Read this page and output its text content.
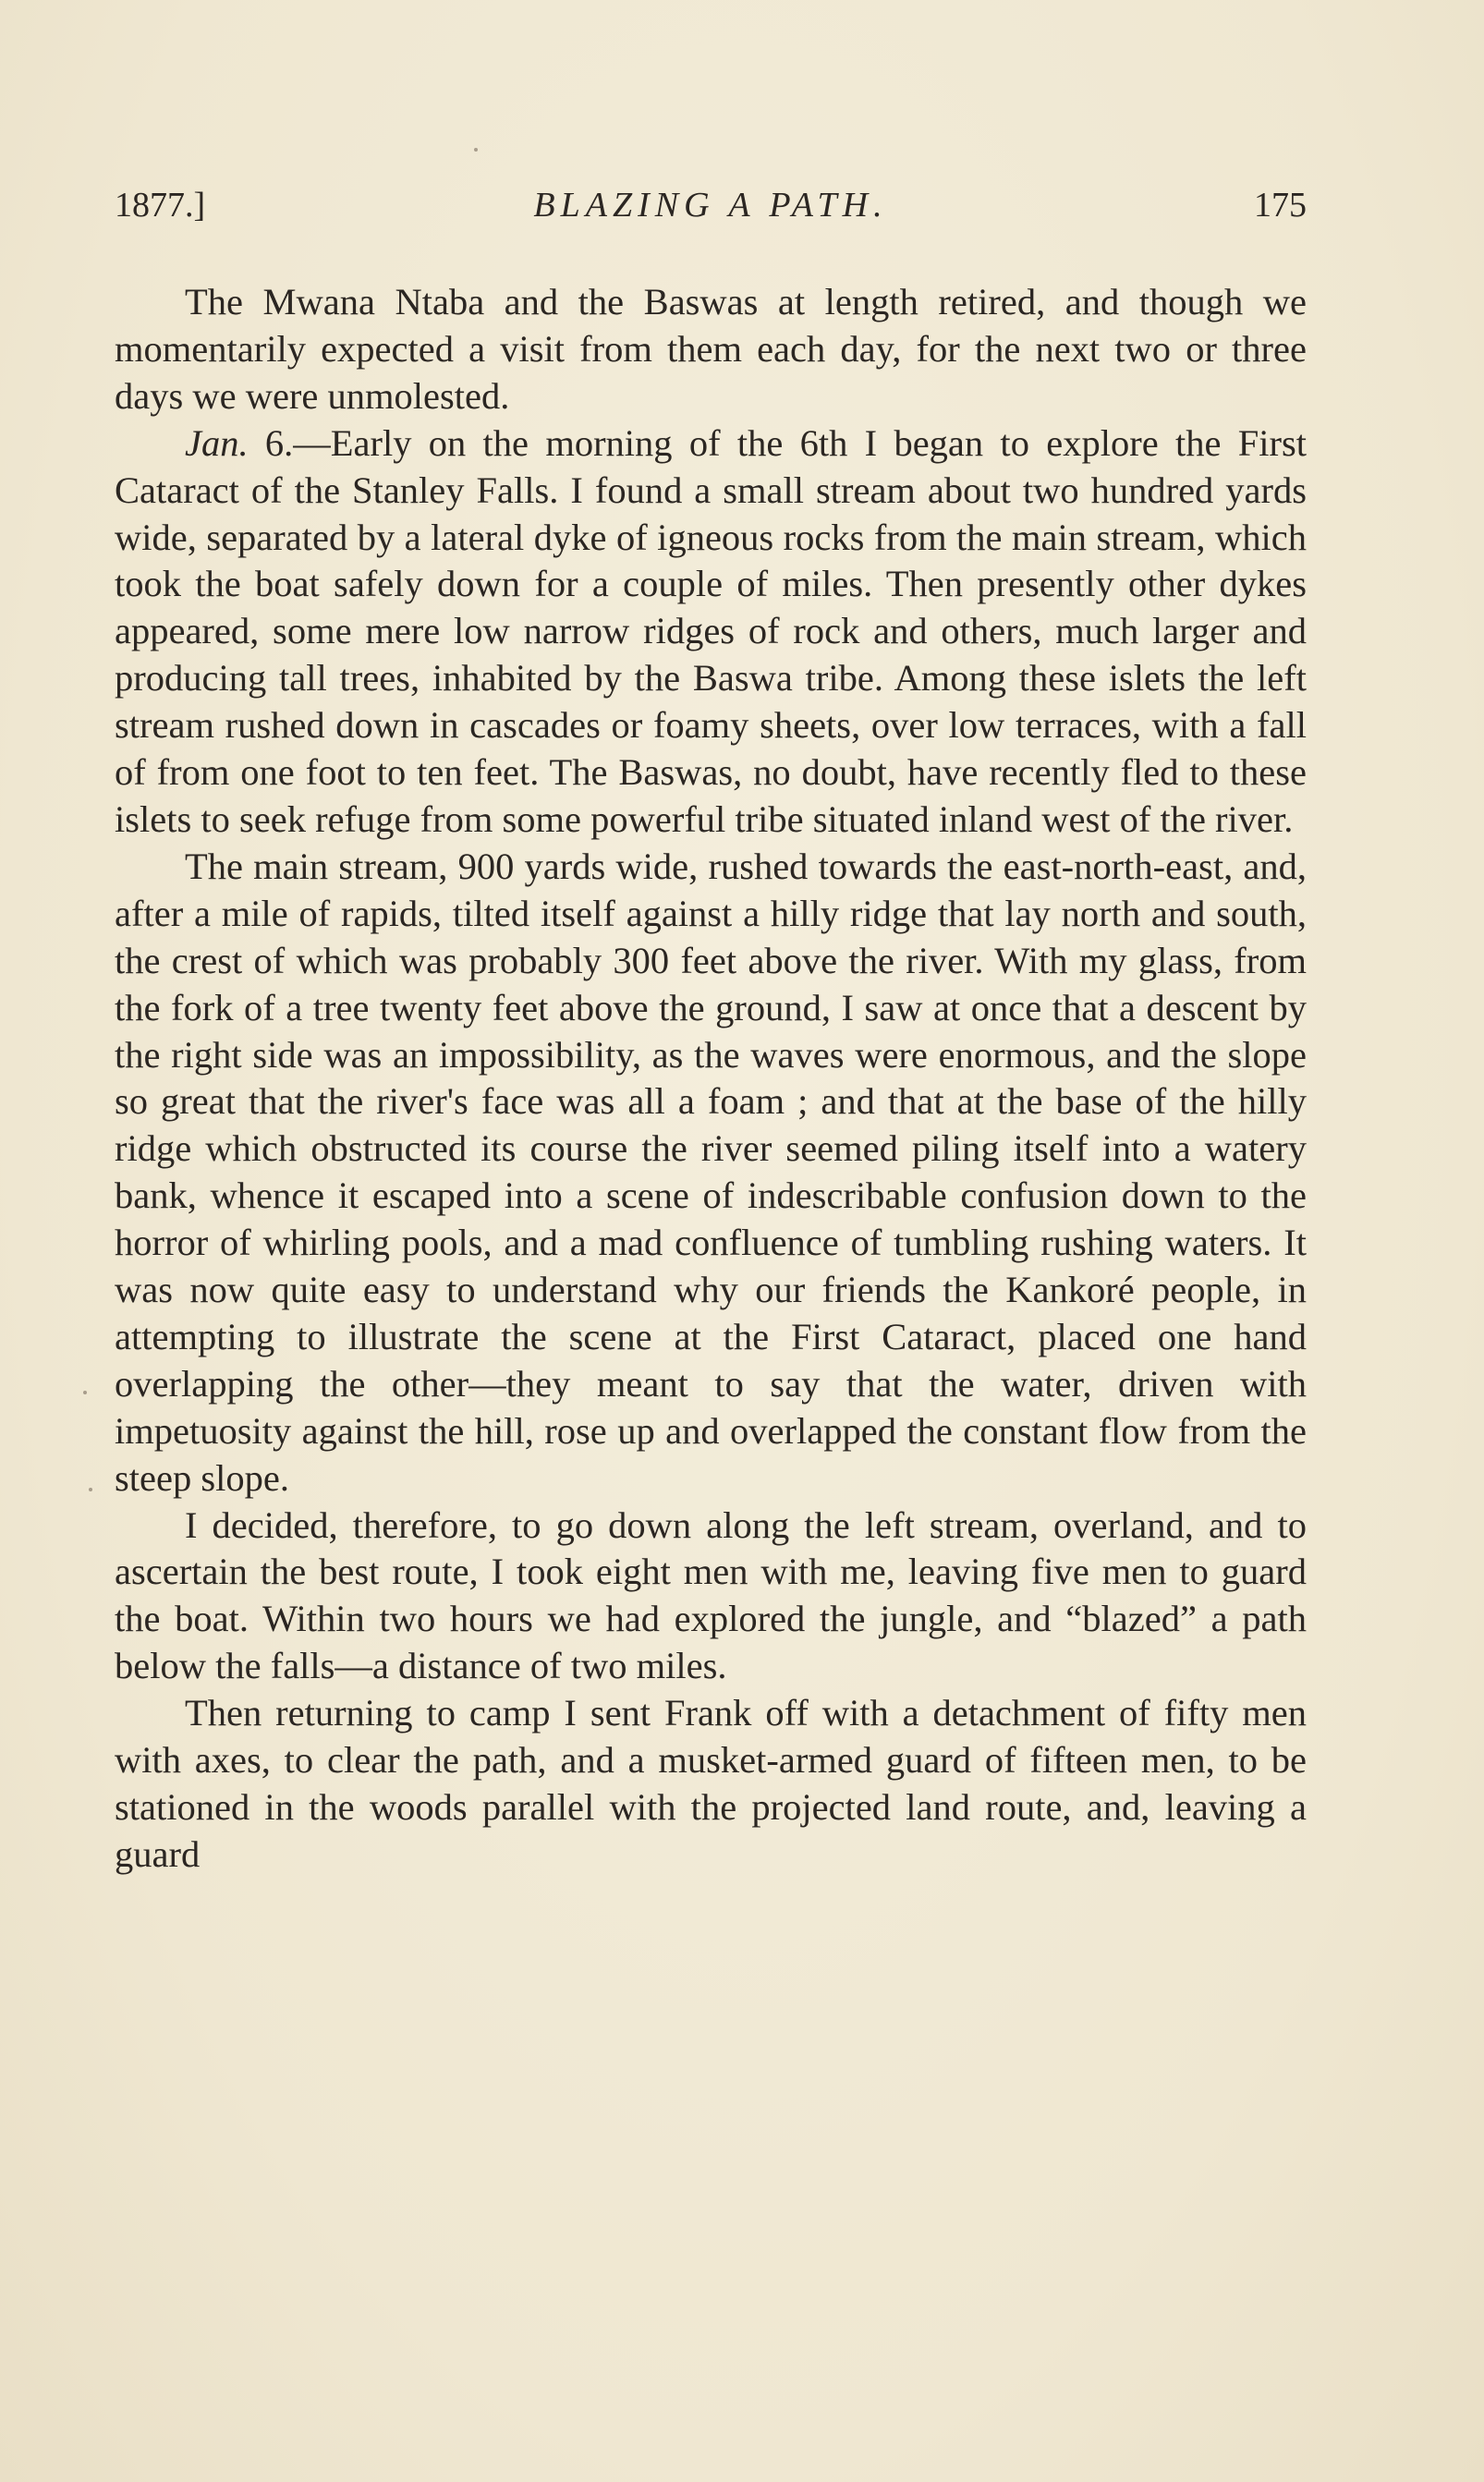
1877.]	BLAZING A PATH.	175

The Mwana Ntaba and the Baswas at length retired, and though we momentarily expected a visit from them each day, for the next two or three days we were unmolested.

Jan. 6.—Early on the morning of the 6th I began to explore the First Cataract of the Stanley Falls. I found a small stream about two hundred yards wide, separated by a lateral dyke of igneous rocks from the main stream, which took the boat safely down for a couple of miles. Then presently other dykes appeared, some mere low narrow ridges of rock and others, much larger and producing tall trees, inhabited by the Baswa tribe. Among these islets the left stream rushed down in cascades or foamy sheets, over low terraces, with a fall of from one foot to ten feet. The Baswas, no doubt, have recently fled to these islets to seek refuge from some powerful tribe situated inland west of the river.

The main stream, 900 yards wide, rushed towards the east-north-east, and, after a mile of rapids, tilted itself against a hilly ridge that lay north and south, the crest of which was probably 300 feet above the river. With my glass, from the fork of a tree twenty feet above the ground, I saw at once that a descent by the right side was an impossibility, as the waves were enormous, and the slope so great that the river's face was all a foam ; and that at the base of the hilly ridge which obstructed its course the river seemed piling itself into a watery bank, whence it escaped into a scene of indescribable confusion down to the horror of whirling pools, and a mad confluence of tumbling rushing waters. It was now quite easy to understand why our friends the Kankoré people, in attempting to illustrate the scene at the First Cataract, placed one hand overlapping the other—they meant to say that the water, driven with impetuosity against the hill, rose up and overlapped the constant flow from the steep slope.

I decided, therefore, to go down along the left stream, overland, and to ascertain the best route, I took eight men with me, leaving five men to guard the boat. Within two hours we had explored the jungle, and “blazed” a path below the falls—a distance of two miles.

Then returning to camp I sent Frank off with a detachment of fifty men with axes, to clear the path, and a musket-armed guard of fifteen men, to be stationed in the woods parallel with the projected land route, and, leaving a guard
